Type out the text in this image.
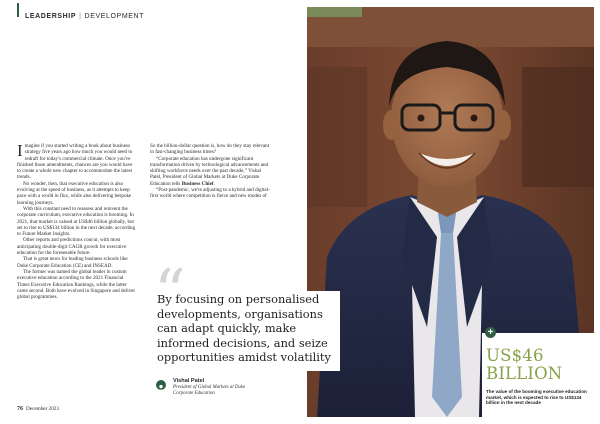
LEADERSHIP | DEVELOPMENT

Imagine if you started writing a book about business strategy five years ago how much you would need to redraft for today's commercial climate. Once you've finished those amendments, chances are you would have to create a whole new chapter to accommodate the latest trends.

No wonder, then, that executive education is also evolving at the speed of business, as it attempts to keep pace with a world in flux, while also delivering bespoke learning journeys.

With this constant need to reassess and reinvent the corporate curriculum, executive education is booming. In 2021, that market is valued at US$46 billion globally, but set to rise to US$134 billion in the next decade, according to Future Market Insights.

Other reports and predictions concur, with most anticipating double-digit CAGR growth for executive education for the foreseeable future.

That is great news for leading business schools like Duke Corporate Education (CE) and INSEAD.

The former was named the global leader in custom executive education according to the 2021 Financial Times Executive Education Rankings, while the latter came second. Both have evolved in Singapore and deliver global programmes.

So the billion-dollar question is, how do they stay relevant in fast-changing business times?

“Corporate education has undergone significant transformation driven by technological advancements and shifting workforce needs over the past decade,” Vishal Patel, President of Global Markets at Duke Corporate Education tells Business Chief.

“Post-pandemic, we're adjusting to a hybrid and digital-first world where competition is fierce and new modes of

By focusing on personalised developments, organisations can adapt quickly, make informed decisions, and seize opportunities amidst volatility
Vishal Patel
President of Global Markets at Duke Corporate Education
+
US$46 BILLION
The value of the booming executive education market, which is expected to rise to US$134 billion in the next decade
76 December 2023
